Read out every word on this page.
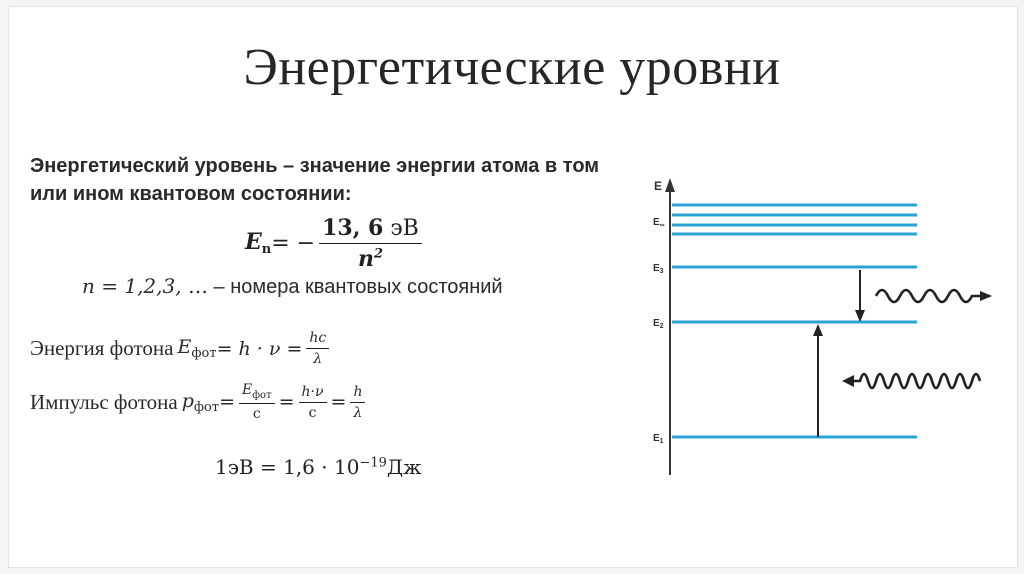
Энергетические уровни
Энергетический уровень – значение энергии атома в том или ином квантовом состоянии:
$E_n$ = − $\frac{13, 6 эВ}{n^2}$
n = 1,2,3, … – номера квантовых состояний
Энергия фотона $E_{фот} = h \cdot \nu = \frac{hc}{\lambda}$
Импульс фотона $p_{фот} = \frac{E_{фот}}{c} = \frac{h\cdot\nu}{c} = \frac{h}{\lambda}$
$1эВ = 1,6 \cdot 10^{-19}Дж$
E
$E_\infty$
$E_3$
$E_2$
$E_1$
